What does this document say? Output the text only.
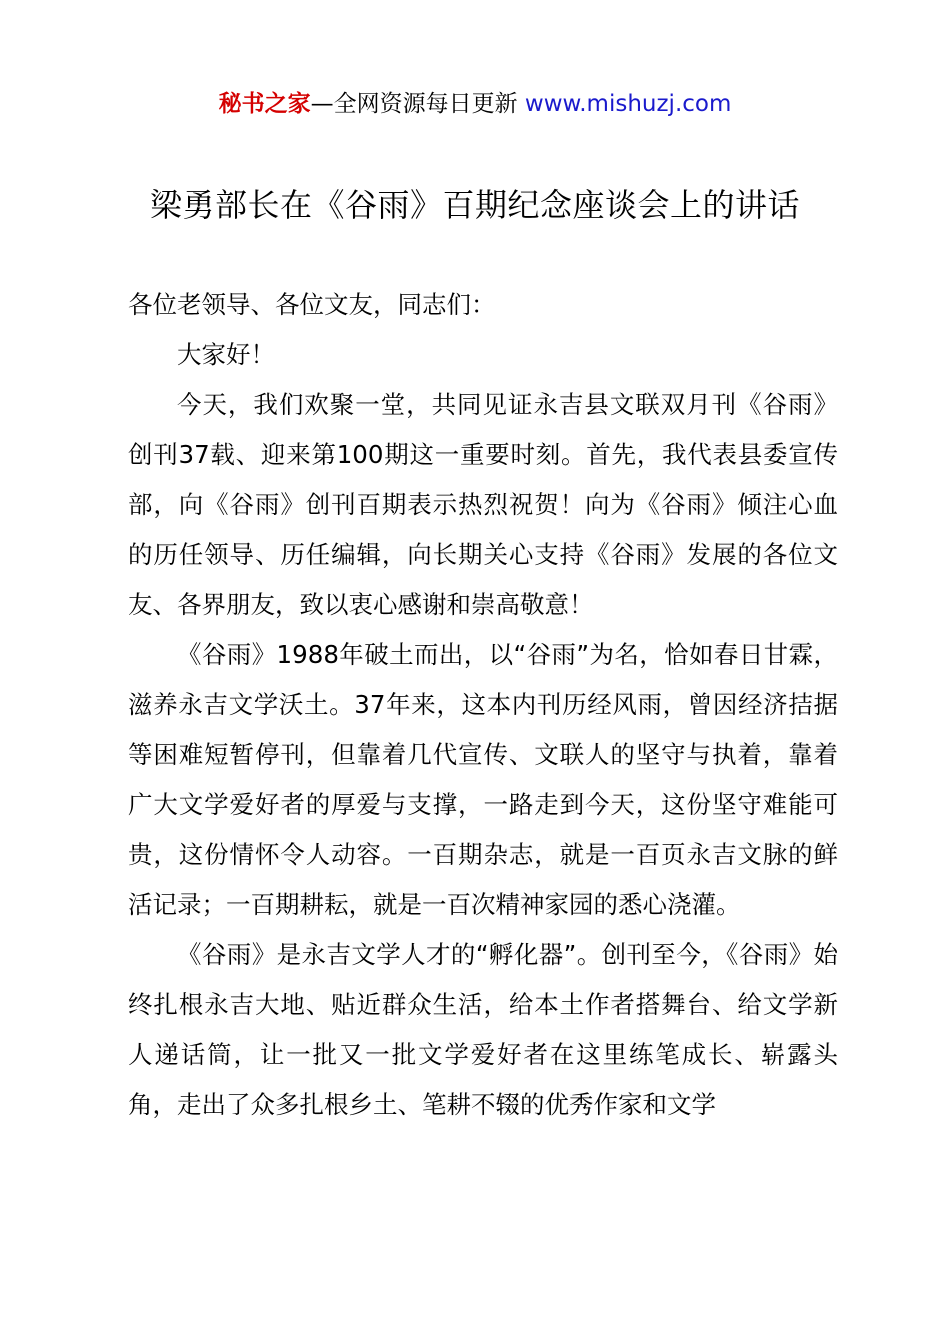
秘书之家—全网资源每日更新 www.mishuzj.com
梁勇部长在《谷雨》百期纪念座谈会上的讲话

各位老领导、各位文友，同志们：

大家好！

今天，我们欢聚一堂，共同见证永吉县文联双月刊《谷雨》创刊37载、迎来第100期这一重要时刻。首先，我代表县委宣传部，向《谷雨》创刊百期表示热烈祝贺！向为《谷雨》倾注心血的历任领导、历任编辑，向长期关心支持《谷雨》发展的各位文友、各界朋友，致以衷心感谢和崇高敬意！

《谷雨》1988年破土而出，以“谷雨”为名，恰如春日甘霖，滋养永吉文学沃土。37年来，这本内刊历经风雨，曾因经济拮据等困难短暂停刊，但靠着几代宣传、文联人的坚守与执着，靠着广大文学爱好者的厚爱与支撑，一路走到今天，这份坚守难能可贵，这份情怀令人动容。一百期杂志，就是一百页永吉文脉的鲜活记录；一百期耕耘，就是一百次精神家园的悉心浇灌。

《谷雨》是永吉文学人才的“孵化器”。创刊至今，《谷雨》始终扎根永吉大地、贴近群众生活，给本土作者搭舞台、给文学新人递话筒，让一批又一批文学爱好者在这里练笔成长、崭露头角，走出了众多扎根乡土、笔耕不辍的优秀作家和文学
